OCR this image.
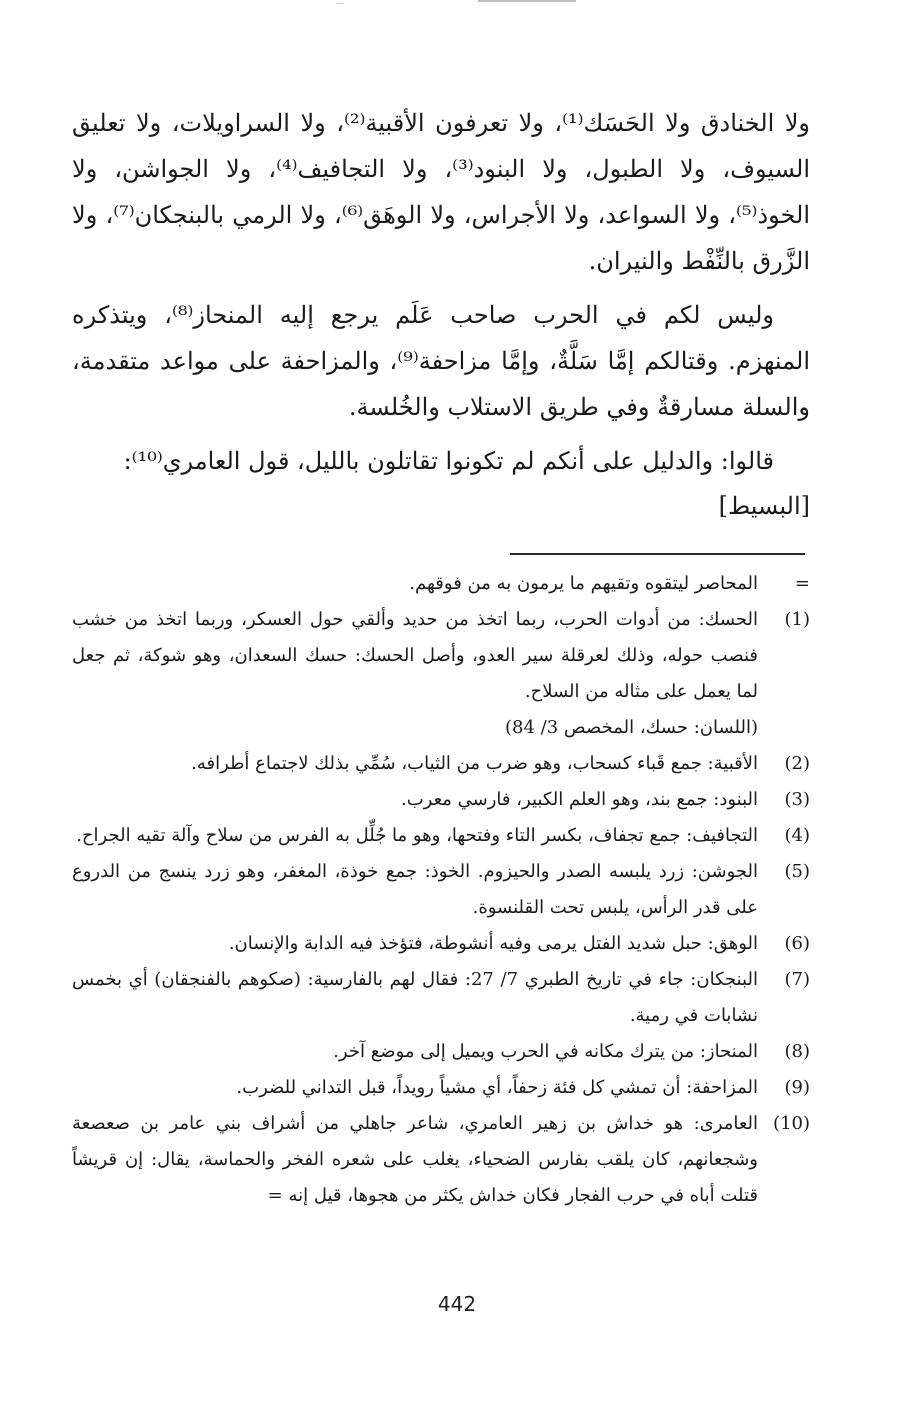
ولا الخنادق ولا الحَسَك⁽¹⁾، ولا تعرفون الأقبية⁽²⁾، ولا السراويلات، ولا تعليق السيوف، ولا الطبول، ولا البنود⁽³⁾، ولا التجافيف⁽⁴⁾، ولا الجواشن، ولا الخوذ⁽⁵⁾، ولا السواعد، ولا الأجراس، ولا الوهَق⁽⁶⁾، ولا الرمي بالبنجكان⁽⁷⁾، ولا الزَّرق بالنِّفْط والنيران.

وليس لكم في الحرب صاحب عَلَم يرجع إليه المنحاز⁽⁸⁾، ويتذكره المنهزم. وقتالكم إمَّا سَلَّةٌ، وإمَّا مزاحفة⁽⁹⁾، والمزاحفة على مواعد متقدمة، والسلة مسارقةٌ وفي طريق الاستلاب والخُلسة.

قالوا: والدليل على أنكم لم تكونوا تقاتلون بالليل، قول العامري⁽¹⁰⁾:

[البسيط]
=
المحاصر ليتقوه وتقيهم ما يرمون به من فوقهم.
(1)
الحسك: من أدوات الحرب، ربما اتخذ من حديد وألقي حول العسكر، وربما اتخذ من خشب فنصب حوله، وذلك لعرقلة سير العدو، وأصل الحسك: حسك السعدان، وهو شوكة، ثم جعل لما يعمل على مثاله من السلاح.
(اللسان: حسك، المخصص 3/ 84)
(2)
الأقبية: جمع قَباء كسحاب، وهو ضرب من الثياب، سُمِّي بذلك لاجتماع أطرافه.
(3)
البنود: جمع بند، وهو العلم الكبير، فارسي معرب.
(4)
التجافيف: جمع تجفاف، بكسر التاء وفتحها، وهو ما جُلِّل به الفرس من سلاح وآلة تقيه الجراح.
(5)
الجوشن: زرد يلبسه الصدر والحيزوم. الخوذ: جمع خوذة، المغفر، وهو زرد ينسج من الدروع على قدر الرأس، يلبس تحت القلنسوة.
(6)
الوهق: حبل شديد الفتل يرمى وفيه أنشوطة، فتؤخذ فيه الدابة والإنسان.
(7)
البنجكان: جاء في تاريخ الطبري 7/ 27: فقال لهم بالفارسية: (صكوهم بالفنجقان) أي بخمس نشابات في رمية.
(8)
المنحاز: من يترك مكانه في الحرب ويميل إلى موضع آخر.
(9)
المزاحفة: أن تمشي كل فئة زحفاً، أي مشياً رويداً، قبل التداني للضرب.
(10)
العامرى: هو خداش بن زهير العامري، شاعر جاهلي من أشراف بني عامر بن صعصعة وشجعانهم، كان يلقب بفارس الضحياء، يغلب على شعره الفخر والحماسة، يقال: إن قريشاً قتلت أباه في حرب الفجار فكان خداش يكثر من هجوها، قيل إنه =
442
